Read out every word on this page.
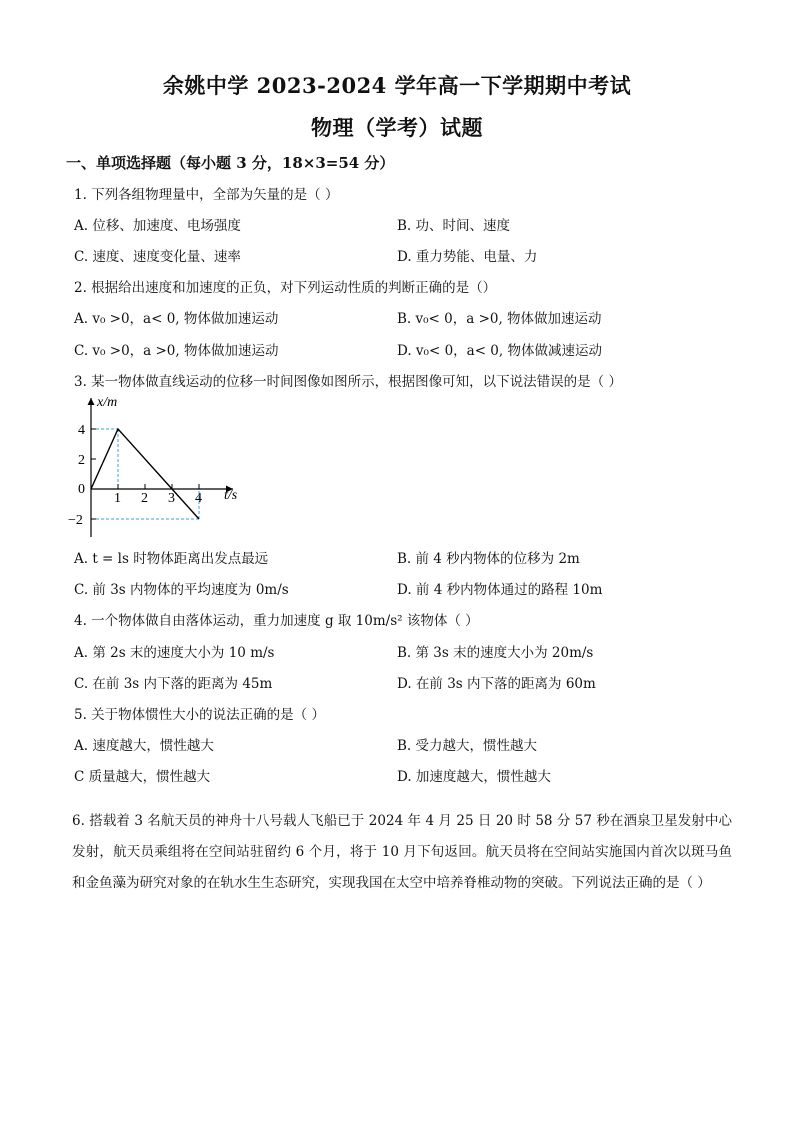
余姚中学 2023-2024 学年高一下学期期中考试
物理（学考）试题
一、单项选择题（每小题 3 分，18×3=54 分）
1. 下列各组物理量中，全部为矢量的是（ ）
A. 位移、加速度、电场强度	B. 功、时间、速度
C. 速度、速度变化量、速率	D. 重力势能、电量、力
2. 根据给出速度和加速度的正负，对下列运动性质的判断正确的是（）
A. v₀ >0，a< 0, 物体做加速运动	B. v₀< 0，a >0, 物体做加速运动
C. v₀ >0，a >0, 物体做加速运动	D. v₀< 0，a< 0, 物体做减速运动
3. 某一物体做直线运动的位移一时间图像如图所示，根据图像可知，以下说法错误的是（ ）
0
1 2 3 4
4
2
−2
x/m
t/s
A. t = ls 时物体距离出发点最远	B. 前 4 秒内物体的位移为 2m
C. 前 3s 内物体的平均速度为 0m/s	D. 前 4 秒内物体通过的路程 10m
4. 一个物体做自由落体运动，重力加速度 g 取 10m/s² 该物体（ ）
A. 第 2s 末的速度大小为 10 m/s	B. 第 3s 末的速度大小为 20m/s
C. 在前 3s 内下落的距离为 45m	D. 在前 3s 内下落的距离为 60m
5. 关于物体惯性大小的说法正确的是（ ）
A. 速度越大，惯性越大	B. 受力越大，惯性越大
C 质量越大，惯性越大	D. 加速度越大，惯性越大
6. 搭载着 3 名航天员的神舟十八号载人飞船已于 2024 年 4 月 25 日 20 时 58 分 57 秒在酒泉卫星发射中心发射，航天员乘组将在空间站驻留约 6 个月，将于 10 月下旬返回。航天员将在空间站实施国内首次以斑马鱼和金鱼藻为研究对象的在轨水生生态研究，实现我国在太空中培养脊椎动物的突破。下列说法正确的是（ ）
